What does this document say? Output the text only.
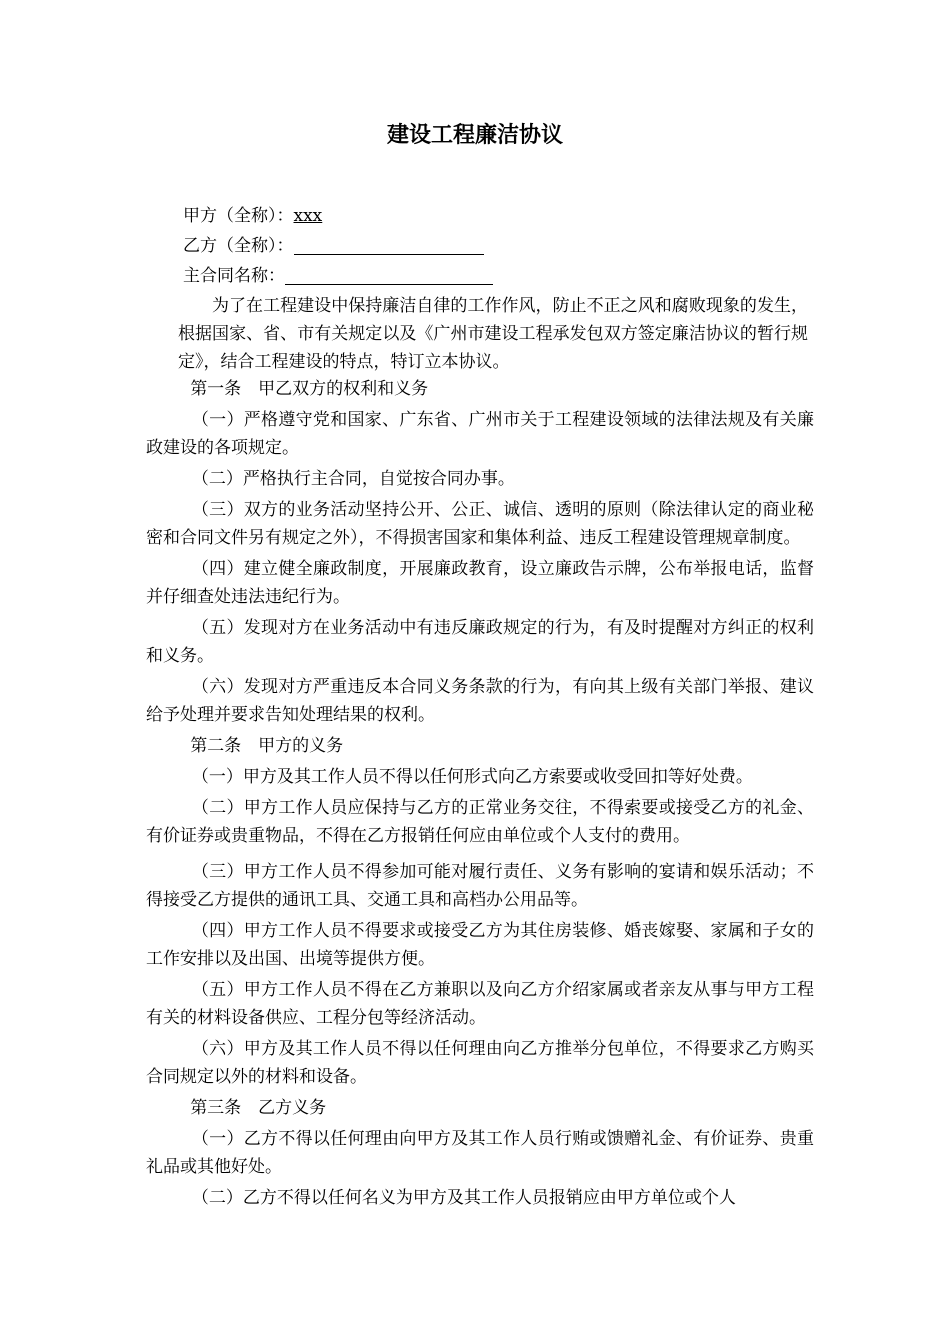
建设工程廉洁协议
甲方（全称）：xxx
乙方（全称）：
主合同名称：

为了在工程建设中保持廉洁自律的工作作风，防止不正之风和腐败现象的发生，根据国家、省、市有关规定以及《广州市建设工程承发包双方签定廉洁协议的暂行规定》，结合工程建设的特点，特订立本协议。

第一条　甲乙双方的权利和义务

（一）严格遵守党和国家、广东省、广州市关于工程建设领域的法律法规及有关廉政建设的各项规定。

（二）严格执行主合同，自觉按合同办事。

（三）双方的业务活动坚持公开、公正、诚信、透明的原则（除法律认定的商业秘密和合同文件另有规定之外），不得损害国家和集体利益、违反工程建设管理规章制度。

（四）建立健全廉政制度，开展廉政教育，设立廉政告示牌，公布举报电话，监督并仔细查处违法违纪行为。

（五）发现对方在业务活动中有违反廉政规定的行为，有及时提醒对方纠正的权利和义务。

（六）发现对方严重违反本合同义务条款的行为，有向其上级有关部门举报、建议给予处理并要求告知处理结果的权利。

第二条　甲方的义务

（一）甲方及其工作人员不得以任何形式向乙方索要或收受回扣等好处费。

（二）甲方工作人员应保持与乙方的正常业务交往，不得索要或接受乙方的礼金、有价证券或贵重物品，不得在乙方报销任何应由单位或个人支付的费用。

（三）甲方工作人员不得参加可能对履行责任、义务有影响的宴请和娱乐活动；不得接受乙方提供的通讯工具、交通工具和高档办公用品等。

（四）甲方工作人员不得要求或接受乙方为其住房装修、婚丧嫁娶、家属和子女的工作安排以及出国、出境等提供方便。

（五）甲方工作人员不得在乙方兼职以及向乙方介绍家属或者亲友从事与甲方工程有关的材料设备供应、工程分包等经济活动。

（六）甲方及其工作人员不得以任何理由向乙方推举分包单位，不得要求乙方购买合同规定以外的材料和设备。

第三条　乙方义务

（一）乙方不得以任何理由向甲方及其工作人员行贿或馈赠礼金、有价证券、贵重礼品或其他好处。

（二）乙方不得以任何名义为甲方及其工作人员报销应由甲方单位或个人
